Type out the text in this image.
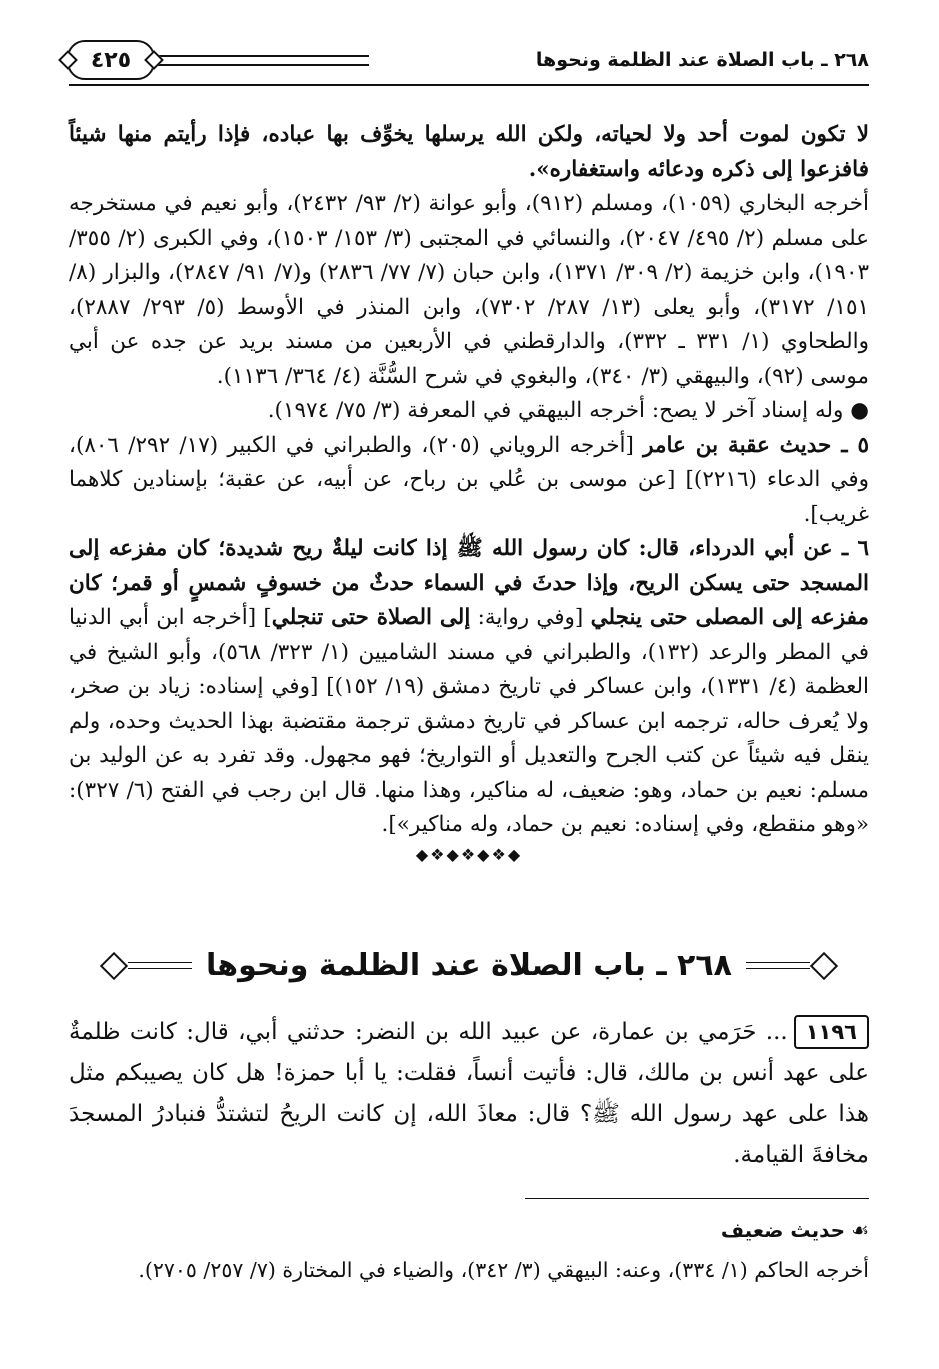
٢٦٨ ـ باب الصلاة عند الظلمة ونحوها
٤٢٥

لا تكون لموت أحد ولا لحياته، ولكن الله يرسلها يخوِّف بها عباده، فإذا رأيتم منها شيئاً فافزعوا إلى ذكره ودعائه واستغفاره».

أخرجه البخاري (١٠٥٩)، ومسلم (٩١٢)، وأبو عوانة (٢/ ٩٣/ ٢٤٣٢)، وأبو نعيم في مستخرجه على مسلم (٢/ ٤٩٥/ ٢٠٤٧)، والنسائي في المجتبى (٣/ ١٥٣/ ١٥٠٣)، وفي الكبرى (٢/ ٣٥٥/ ١٩٠٣)، وابن خزيمة (٢/ ٣٠٩/ ١٣٧١)، وابن حبان (٧/ ٧٧/ ٢٨٣٦) و(٧/ ٩١/ ٢٨٤٧)، والبزار (٨/ ١٥١/ ٣١٧٢)، وأبو يعلى (١٣/ ٢٨٧/ ٧٣٠٢)، وابن المنذر في الأوسط (٥/ ٢٩٣/ ٢٨٨٧)، والطحاوي (١/ ٣٣١ ـ ٣٣٢)، والدارقطني في الأربعين من مسند بريد عن جده عن أبي موسى (٩٢)، والبيهقي (٣/ ٣٤٠)، والبغوي في شرح السُّنَّة (٤/ ٣٦٤/ ١١٣٦).

● وله إسناد آخر لا يصح: أخرجه البيهقي في المعرفة (٣/ ٧٥/ ١٩٧٤).

٥ ـ حديث عقبة بن عامر [أخرجه الروياني (٢٠٥)، والطبراني في الكبير (١٧/ ٢٩٢/ ٨٠٦)، وفي الدعاء (٢٢١٦)] [عن موسى بن عُلي بن رباح، عن أبيه، عن عقبة؛ بإسنادين كلاهما غريب].

٦ ـ عن أبي الدرداء، قال: كان رسول الله ﷺ إذا كانت ليلةٌ ريح شديدة؛ كان مفزعه إلى المسجد حتى يسكن الريح، وإذا حدثَ في السماء حدثٌ من خسوفٍ شمسٍ أو قمر؛ كان مفزعه إلى المصلى حتى ينجلي [وفي رواية: إلى الصلاة حتى تنجلي] [أخرجه ابن أبي الدنيا في المطر والرعد (١٣٢)، والطبراني في مسند الشاميين (١/ ٣٢٣/ ٥٦٨)، وأبو الشيخ في العظمة (٤/ ١٣٣١)، وابن عساكر في تاريخ دمشق (١٩/ ١٥٢)] [وفي إسناده: زياد بن صخر، ولا يُعرف حاله، ترجمه ابن عساكر في تاريخ دمشق ترجمة مقتضبة بهذا الحديث وحده، ولم ينقل فيه شيئاً عن كتب الجرح والتعديل أو التواريخ؛ فهو مجهول. وقد تفرد به عن الوليد بن مسلم: نعيم بن حماد، وهو: ضعيف، له مناكير، وهذا منها. قال ابن رجب في الفتح (٦/ ٣٢٧): «وهو منقطع، وفي إسناده: نعيم بن حماد، وله مناكير»].

◆❖◆❖◆❖◆
٢٦٨ ـ باب الصلاة عند الظلمة ونحوها

١١٩٦... حَرَمي بن عمارة، عن عبيد الله بن النضر: حدثني أبي، قال: كانت ظلمةٌ على عهد أنس بن مالك، قال: فأتيت أنساً، فقلت: يا أبا حمزة! هل كان يصيبكم مثل هذا على عهد رسول الله ﷺ؟ قال: معاذَ الله، إن كانت الريحُ لتشتدُّ فنبادرُ المسجدَ مخافةَ القيامة.

☙حديث ضعيف

أخرجه الحاكم (١/ ٣٣٤)، وعنه: البيهقي (٣/ ٣٤٢)، والضياء في المختارة (٧/ ٢٥٧/ ٢٧٠٥).
